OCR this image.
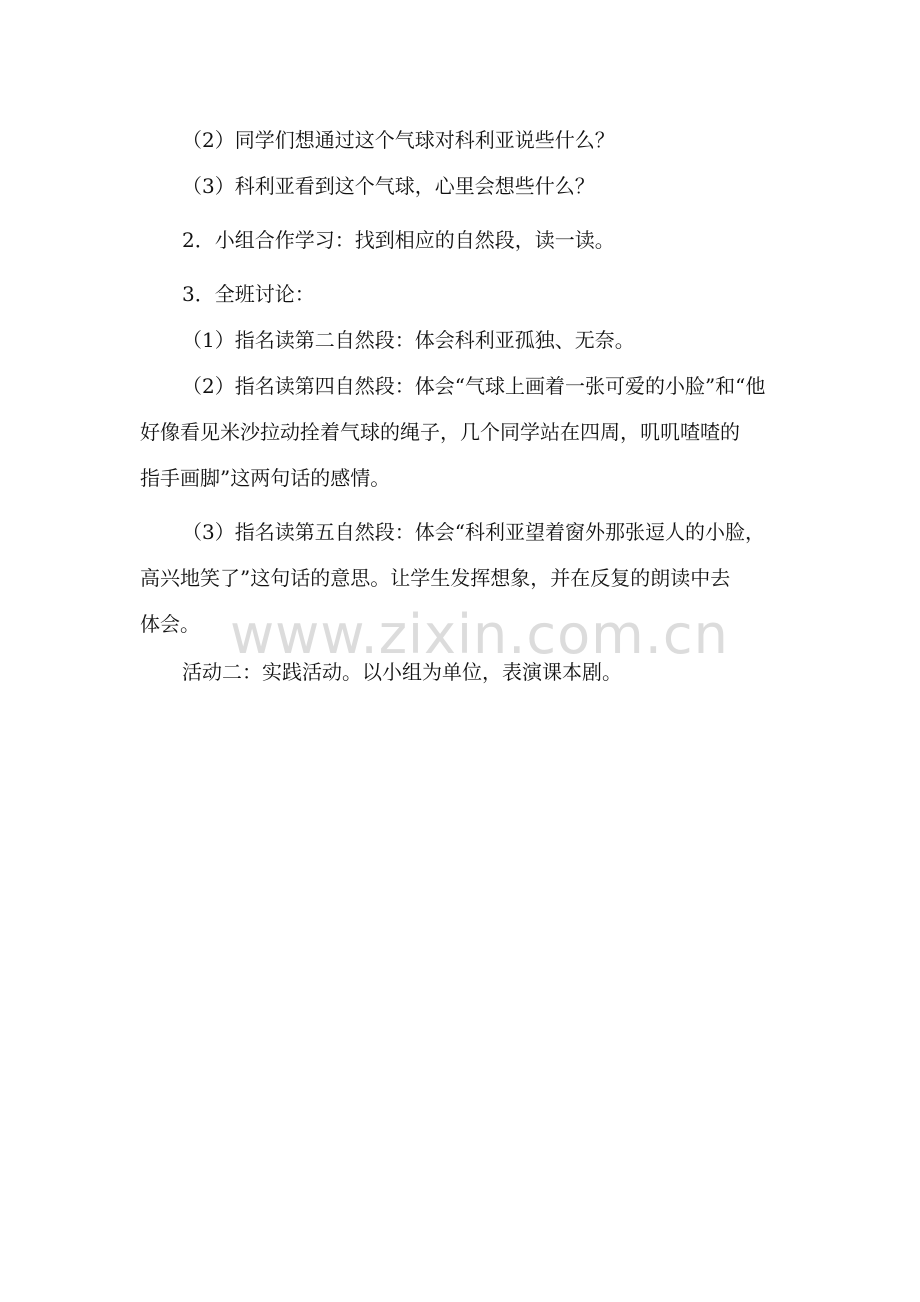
www.zixin.com.cn

（2）同学们想通过这个气球对科利亚说些什么？

（3）科利亚看到这个气球，心里会想些什么？

2．小组合作学习：找到相应的自然段，读一读。

3．全班讨论：

（1）指名读第二自然段：体会科利亚孤独、无奈。

（2）指名读第四自然段：体会“气球上画着一张可爱的小脸”和“他

好像看见米沙拉动拴着气球的绳子，几个同学站在四周，叽叽喳喳的

指手画脚”这两句话的感情。

（3）指名读第五自然段：体会“科利亚望着窗外那张逗人的小脸，

高兴地笑了”这句话的意思。让学生发挥想象，并在反复的朗读中去

体会。

活动二：实践活动。以小组为单位，表演课本剧。
